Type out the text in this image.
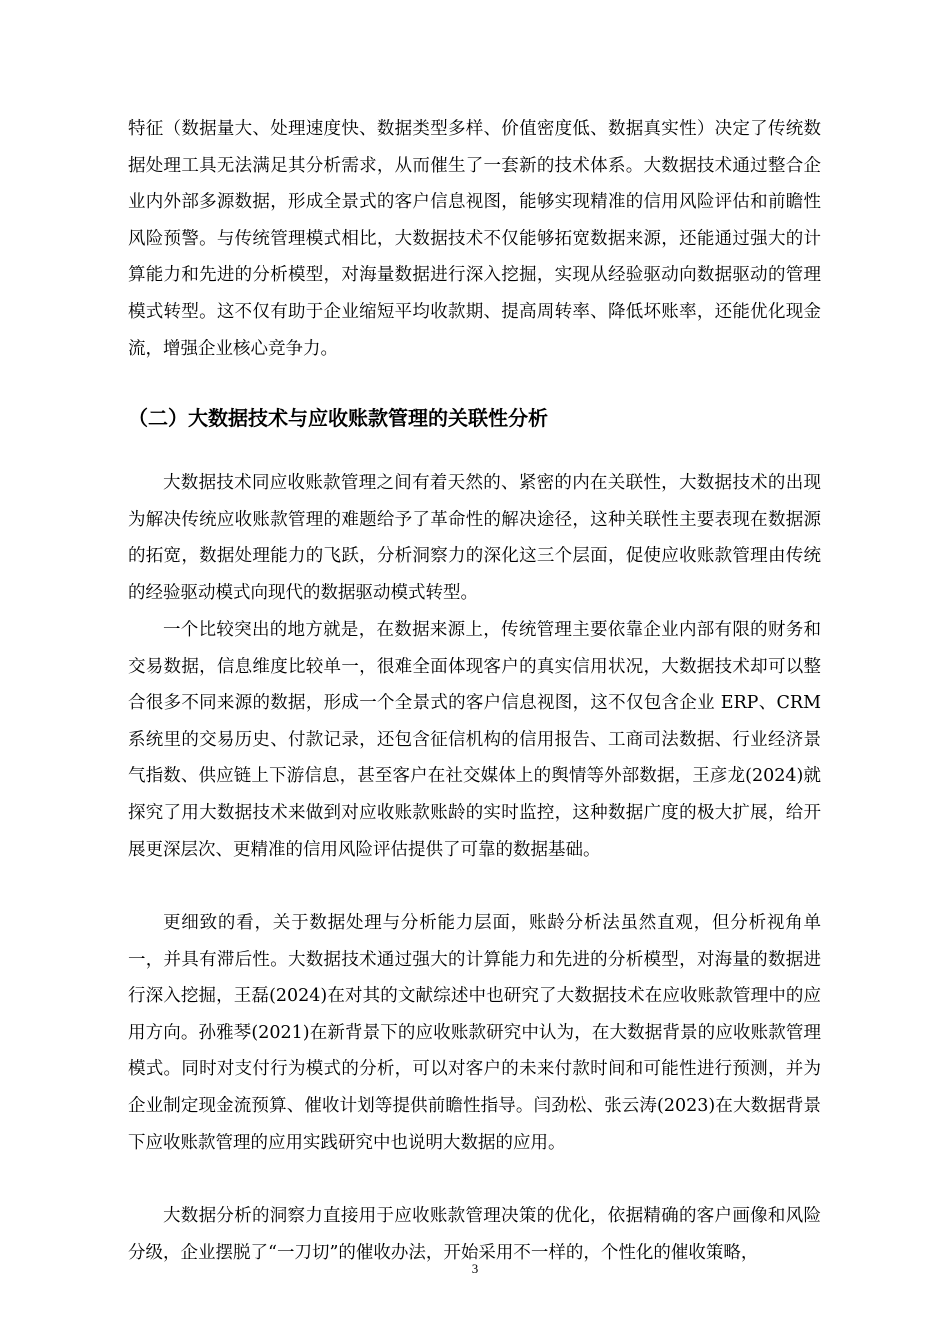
特征（数据量大、处理速度快、数据类型多样、价值密度低、数据真实性）决定了传统数据处理工具无法满足其分析需求，从而催生了一套新的技术体系。大数据技术通过整合企业内外部多源数据，形成全景式的客户信息视图，能够实现精准的信用风险评估和前瞻性风险预警。与传统管理模式相比，大数据技术不仅能够拓宽数据来源，还能通过强大的计算能力和先进的分析模型，对海量数据进行深入挖掘，实现从经验驱动向数据驱动的管理模式转型。这不仅有助于企业缩短平均收款期、提高周转率、降低坏账率，还能优化现金流，增强企业核心竞争力。

（二）大数据技术与应收账款管理的关联性分析

大数据技术同应收账款管理之间有着天然的、紧密的内在关联性，大数据技术的出现为解决传统应收账款管理的难题给予了革命性的解决途径，这种关联性主要表现在数据源的拓宽，数据处理能力的飞跃，分析洞察力的深化这三个层面，促使应收账款管理由传统的经验驱动模式向现代的数据驱动模式转型。

一个比较突出的地方就是，在数据来源上，传统管理主要依靠企业内部有限的财务和交易数据，信息维度比较单一，很难全面体现客户的真实信用状况，大数据技术却可以整合很多不同来源的数据，形成一个全景式的客户信息视图，这不仅包含企业 ERP、CRM 系统里的交易历史、付款记录，还包含征信机构的信用报告、工商司法数据、行业经济景气指数、供应链上下游信息，甚至客户在社交媒体上的舆情等外部数据，王彦龙(2024)就探究了用大数据技术来做到对应收账款账龄的实时监控，这种数据广度的极大扩展，给开展更深层次、更精准的信用风险评估提供了可靠的数据基础。

更细致的看，关于数据处理与分析能力层面，账龄分析法虽然直观，但分析视角单一，并具有滞后性。大数据技术通过强大的计算能力和先进的分析模型，对海量的数据进行深入挖掘，王磊(2024)在对其的文献综述中也研究了大数据技术在应收账款管理中的应用方向。孙雅琴(2021)在新背景下的应收账款研究中认为，在大数据背景的应收账款管理模式。同时对支付行为模式的分析，可以对客户的未来付款时间和可能性进行预测，并为企业制定现金流预算、催收计划等提供前瞻性指导。闫劲松、张云涛(2023)在大数据背景下应收账款管理的应用实践研究中也说明大数据的应用。

大数据分析的洞察力直接用于应收账款管理决策的优化，依据精确的客户画像和风险分级，企业摆脱了“一刀切”的催收办法，开始采用不一样的，个性化的催收策略，

3
